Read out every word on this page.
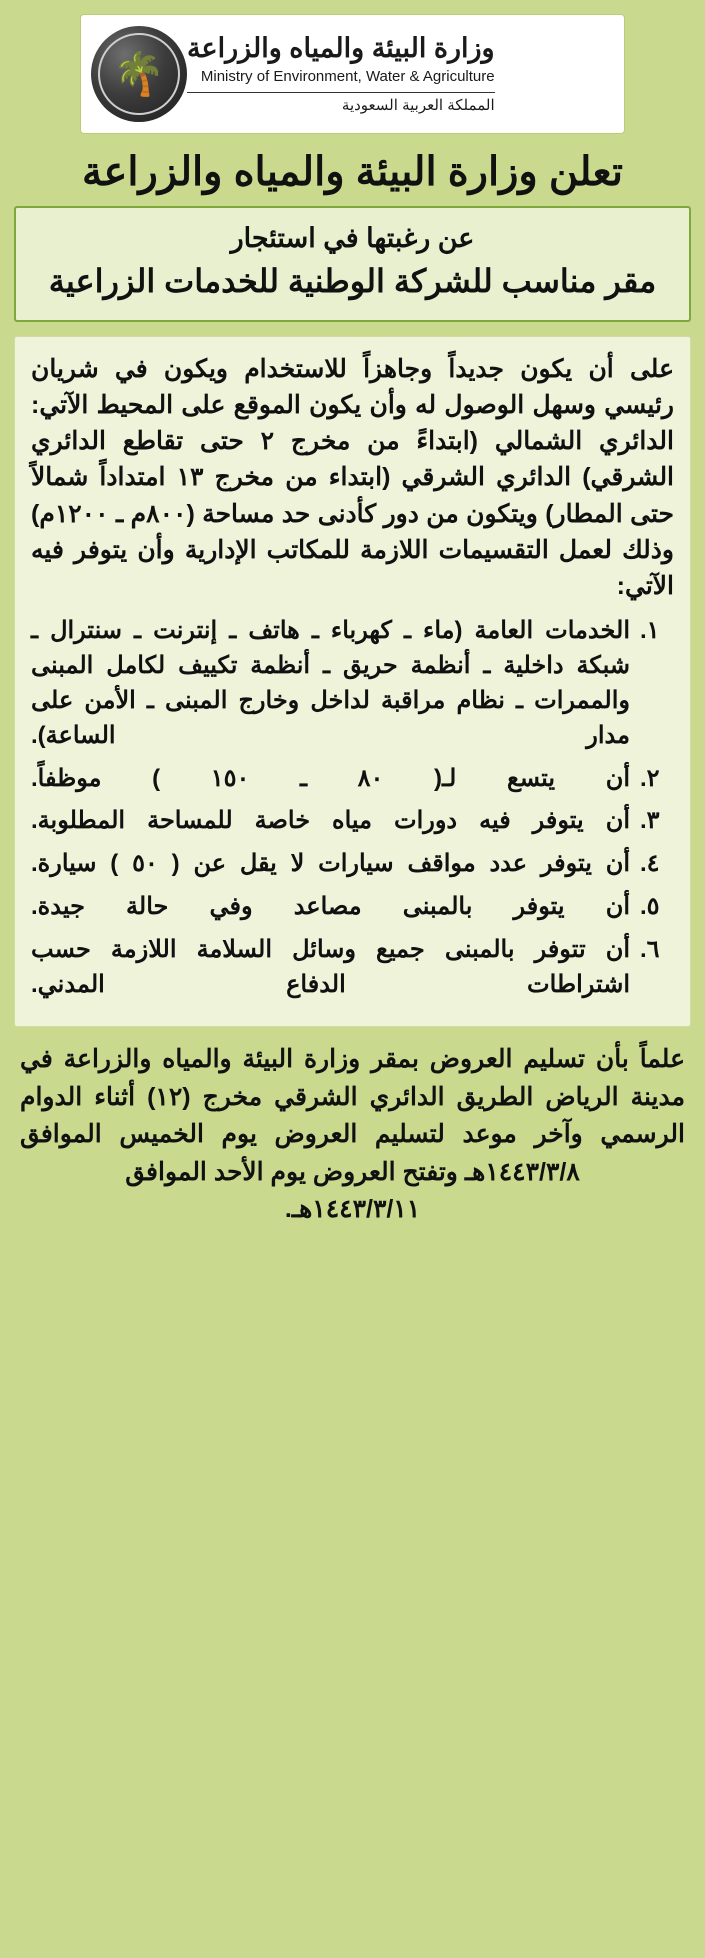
وزارة البيئة والمياه والزراعة
Ministry of Environment, Water & Agriculture
المملكة العربية السعودية
🌴
تعلن وزارة البيئة والمياه والزراعة
عن رغبتها في استئجار
مقر مناسب للشركة الوطنية للخدمات الزراعية

على أن يكون جديداً وجاهزاً للاستخدام ويكون في شريان رئيسي وسهل الوصول له وأن يكون الموقع على المحيط الآتي: الدائري الشمالي (ابتداءً من مخرج ٢ حتى تقاطع الدائري الشرقي) الدائري الشرقي (ابتداء من مخرج ١٣ امتداداً شمالاً حتى المطار) ويتكون من دور كأدنى حد مساحة (٨٠٠م ـ ١٢٠٠م) وذلك لعمل التقسيمات اللازمة للمكاتب الإدارية وأن يتوفر فيه الآتي:

١.
الخدمات العامة (ماء ـ كهرباء ـ هاتف ـ إنترنت ـ سنترال ـ شبكة داخلية ـ أنظمة حريق ـ أنظمة تكييف لكامل المبنى والممرات ـ نظام مراقبة لداخل وخارج المبنى ـ الأمن على مدار الساعة).
٢.
أن يتسع لـ( ٨٠ ـ ١٥٠ ) موظفاً.
٣.
أن يتوفر فيه دورات مياه خاصة للمساحة المطلوبة.
٤.
أن يتوفر عدد مواقف سيارات لا يقل عن ( ٥٠ ) سيارة.
٥.
أن يتوفر بالمبنى مصاعد وفي حالة جيدة.
٦.
أن تتوفر بالمبنى جميع وسائل السلامة اللازمة حسب اشتراطات الدفاع المدني.
علماً بأن تسليم العروض بمقر وزارة البيئة والمياه والزراعة في مدينة الرياض الطريق الدائري الشرقي مخرج (١٢) أثناء الدوام الرسمي وآخر موعد لتسليم العروض يوم الخميس الموافق ١٤٤٣/٣/٨هـ وتفتح العروض يوم الأحد الموافق
١٤٤٣/٣/١١هـ.
